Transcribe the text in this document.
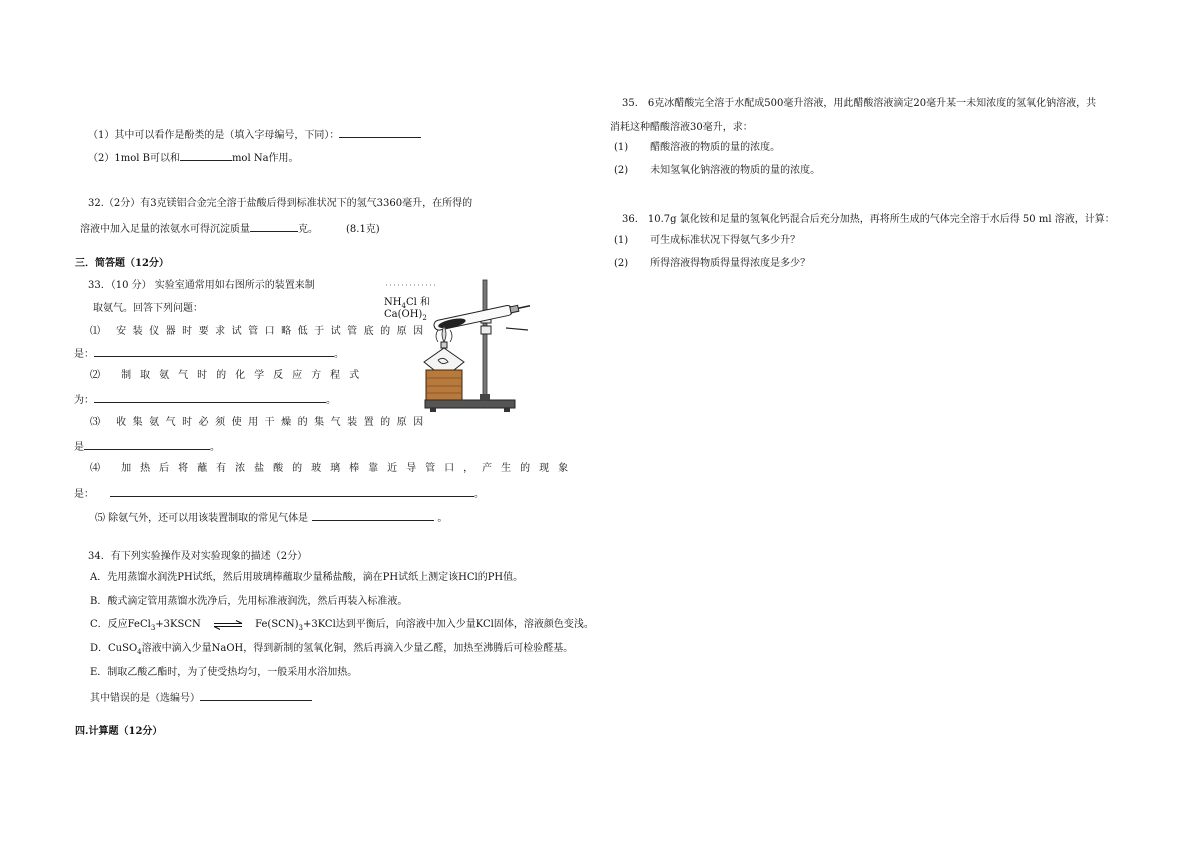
（1）其中可以看作是酚类的是（填入字母编号，下同）：
（2）1mol B可以和	mol Na作用。
32.（2分）有3克镁铝合金完全溶于盐酸后得到标准状况下的氢气3360毫升，在所得的
溶液中加入足量的浓氨水可得沉淀质量	克。	(8.1克)
三．简答题（12分）
33．（10 分） 实验室通常用如右图所示的装置来制
取氨气。回答下列问题：
⑴ 安装仪器时要求试管口略低于试管底的原因
是：	。
⑵ 制取氨气时的化学反应方程式
为：	。
⑶ 收集氨气时必须使用干燥的集气装置的原因
是	。
⑷ 加热后将蘸有浓盐酸的玻璃棒靠近导管口，产生的现象
是：	。
⑸ 除氨气外，还可以用该装置制取的常见气体是	。
34．有下列实验操作及对实验现象的描述（2分）
A．先用蒸馏水润洗PH试纸，然后用玻璃棒蘸取少量稀盐酸，滴在PH试纸上测定该HCl的PH值。
B．酸式滴定管用蒸馏水洗净后，先用标准液润洗，然后再装入标准液。
C．反应FeCl$_3$+3KSCN ⇌ $Fe(SCN)_3+3KCl$达到平衡后，向溶液中加入少量KCl固体，溶液颜色变浅。
D．CuSO$_4$溶液中滴入少量NaOH，得到新制的氢氧化铜，然后再滴入少量乙醛，加热至沸腾后可检验醛基。
E．制取乙酸乙酯时，为了使受热均匀，一般采用水浴加热。
其中错误的是（选编号）
四.计算题（12分）
$NH_4Cl$ 和
$Ca(OH)_2$
35． 6克冰醋酸完全溶于水配成500毫升溶液，用此醋酸溶液滴定20毫升某一未知浓度的氢氧化钠溶液，共
消耗这种醋酸溶液30毫升，求：
(1) 醋酸溶液的物质的量的浓度。
(2) 未知氢氧化钠溶液的物质的量的浓度。
36． 10.7g 氯化铵和足量的氢氧化钙混合后充分加热，再将所生成的气体完全溶于水后得 50 ml 溶液，计算：
(1) 可生成标准状况下得氨气多少升？
(2) 所得溶液得物质得量得浓度是多少？
